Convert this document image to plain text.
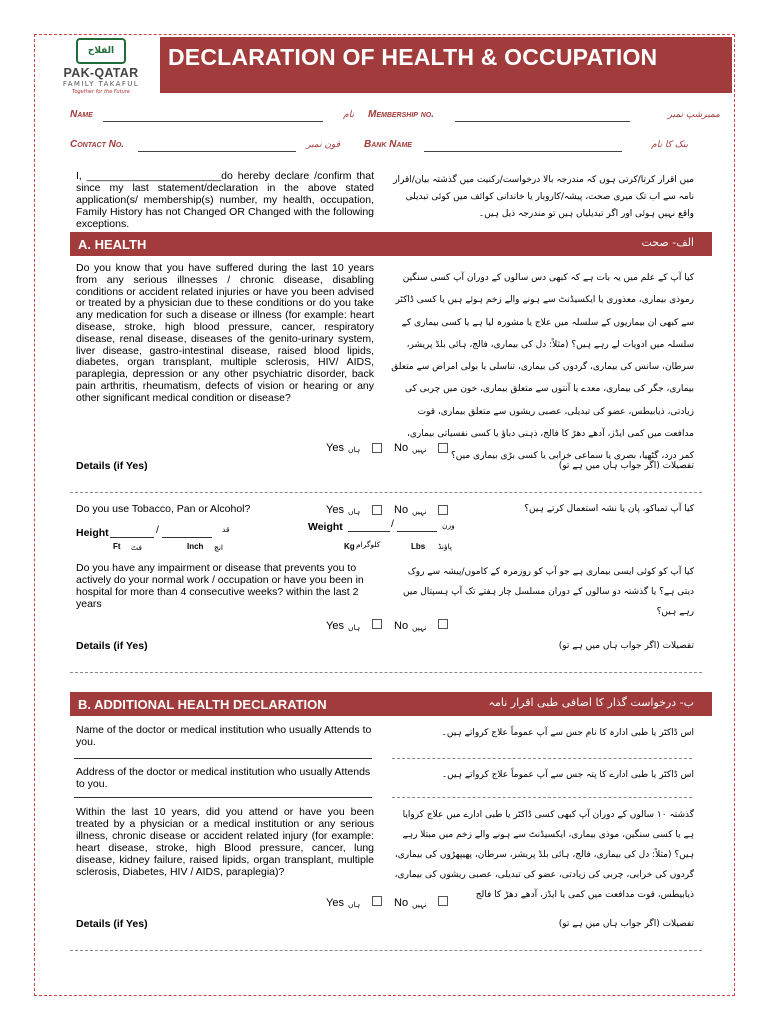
الفلاح
PAK-QATAR
FAMILY TAKAFUL
Together for the Future
DECLARATION OF HEALTH & OCCUPATION
Name	نام Membership no.	ممبرشپ نمبر
Contact No.	فون نمبر Bank Name	بنک کا نام
I, _______________________do hereby declare /confirm that since my last statement/declaration in the above stated application(s/ membership(s) number, my health, occupation, Family History has not Changed OR Changed with the following exceptions.
میں اقرار کرتا/کرتی ہوں کہ مندرجہ بالا درخواست/رکنیت میں گذشتہ بیان/اقرار نامہ سے اب تک میری صحت، پیشہ/کاروبار یا خاندانی کوائف میں کوئی تبدیلی واقع نہیں ہوئی اور اگر تبدیلیاں ہیں تو مندرجہ ذیل ہیں۔
A. HEALTH	الف- صحت
Do you know that you have suffered during the last 10 years from any serious illnesses / chronic disease, disabling conditions or accident related injuries or have you been advised or treated by a physician due to these conditions or do you take any medication for such a disease or illness (for example: heart disease, stroke, high blood pressure, cancer, respiratory disease, renal disease, diseases of the genito-urinary system, liver disease, gastro-intestinal disease, raised blood lipids, diabetes, organ transplant, multiple sclerosis, HIV/ AIDS, paraplegia, depression or any other psychiatric disorder, back pain arthritis, rheumatism, defects of vision or hearing or any other significant medical condition or disease?
کیا آپ کے علم میں یہ بات ہے کہ کبھی دس سالوں کے دوران آپ کسی سنگین رموذی بیماری، معذوری یا ایکسیڈنٹ سے ہونے والے زخم ہوئے ہیں یا کسی ڈاکٹر سے کبھی ان بیماریوں کے سلسلہ میں علاج یا مشورہ لیا ہے یا کسی بیماری کے سلسلہ میں ادویات لے رہے ہیں؟ (مثلاً: دل کی بیماری، فالج، ہائی بلڈ پریشر، سرطان، سانس کی بیماری، گردوں کی بیماری، تناسلی یا بولی امراض سے متعلق بیماری، جگر کی بیماری، معدے یا آنتوں سے متعلق بیماری، خون میں چربی کی زیادتی، ذیابیطس، عضو کی تبدیلی، عصبی ریشوں سے متعلق بیماری، قوت مدافعت میں کمی ایڈز، آدھے دھڑ کا فالج، ذہنی دباؤ یا کسی نفسیاتی بیماری، کمر درد، گٹھیا، بصری یا سماعی خرابی یا کسی بڑی بیماری میں؟
Yes ہاں	No نہیں
Details (if Yes)	تفصیلات (اگر جواب ہاں میں ہے تو)
Do you use Tobacco, Pan or Alcohol?	Yes ہاں	No نہیں	کیا آپ تمباکو، پان یا نشہ استعمال کرتے ہیں؟
Height	/	قد
Ft فٹ	Inch انچ
Weight	/	وزن
Kg کلوگرام	Lbs پاؤنڈ
Do you have any impairment or disease that prevents you to actively do your normal work / occupation or have you been in hospital for more than 4 consecutive weeks? within the last 2 years
کیا آپ کو کوئی ایسی بیماری ہے جو آپ کو روزمرہ کے کاموں/پیشہ سے روک دیتی ہے؟ یا گذشتہ دو سالوں کے دوران مسلسل چار ہفتے تک آپ ہسپتال میں رہے ہیں؟
Yes ہاں	No نہیں
Details (if Yes)	تفصیلات (اگر جواب ہاں میں ہے تو)
B. ADDITIONAL HEALTH DECLARATION	ب- درخواست گذار کا اضافی طبی اقرار نامہ
Name of the doctor or medical institution who usually Attends to you.
اس ڈاکٹر یا طبی ادارہ کا نام جس سے آپ عموماً علاج کرواتے ہیں۔
Address of the doctor or medical institution who usually Attends to you.
اس ڈاکٹر یا طبی ادارے کا پتہ جس سے آپ عموماً علاج کرواتے ہیں۔
Within the last 10 years, did you attend or have you been treated by a physician or a medical institution or any serious illness, chronic disease or accident related injury (for example: heart disease, stroke, high Blood pressure, cancer, lung disease, kidney failure, raised lipids, organ transplant, multiple sclerosis, Diabetes, HIV / AIDS, paraplegia)?
گذشتہ ۱۰ سالوں کے دوران آپ کبھی کسی ڈاکٹر یا طبی ادارے میں علاج کروایا ہے یا کسی سنگین، موذی بیماری، ایکسیڈنٹ سے ہونے والے زخم میں مبتلا رہے ہیں؟ (مثلاً: دل کی بیماری، فالج، ہائی بلڈ پریشر، سرطان، پھیپھڑوں کی بیماری، گردوں کی خرابی، چربی کی زیادتی، عضو کی تبدیلی، عصبی ریشوں کی بیماری، ذیابیطس، قوت مدافعت میں کمی یا ایڈز، آدھے دھڑ کا فالج
Yes ہاں	No نہیں
Details (if Yes)	تفصیلات (اگر جواب ہاں میں ہے تو)
